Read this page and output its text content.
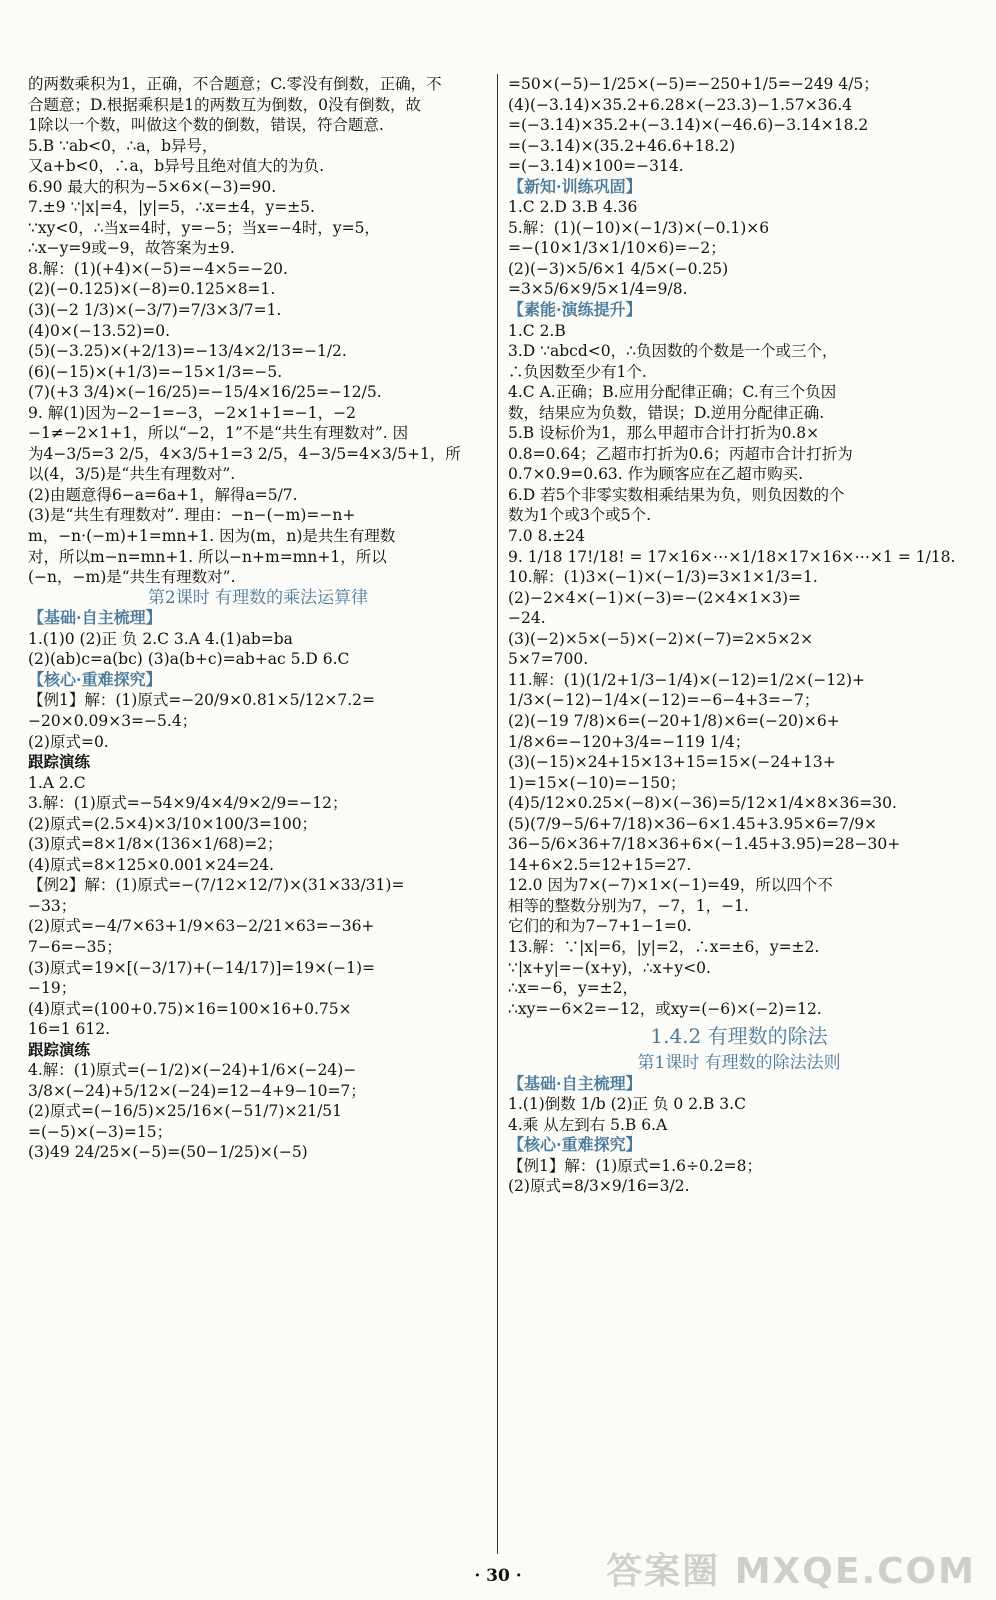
的两数乘积为1，正确，不合题意；C.零没有倒数，正确，不
合题意；D.根据乘积是1的两数互为倒数，0没有倒数，故
1除以一个数，叫做这个数的倒数，错误，符合题意.
5.B ∵ab<0，∴a，b异号，
又a+b<0，∴a，b异号且绝对值大的为负.
6.90 最大的积为−5×6×(−3)=90.
7.±9 ∵|x|=4，|y|=5，∴x=±4，y=±5.
∵xy<0，∴当x=4时，y=−5；当x=−4时，y=5，
∴x−y=9或−9，故答案为±9.
8.解：(1)(+4)×(−5)=−4×5=−20.
(2)(−0.125)×(−8)=0.125×8=1.
(3)(−2 1/3)×(−3/7)=7/3×3/7=1.
(4)0×(−13.52)=0.
(5)(−3.25)×(+2/13)=−13/4×2/13=−1/2.
(6)(−15)×(+1/3)=−15×1/3=−5.
(7)(+3 3/4)×(−16/25)=−15/4×16/25=−12/5.
9. 解(1)因为−2−1=−3，−2×1+1=−1，−2
−1≠−2×1+1，所以“−2，1”不是“共生有理数对”. 因
为4−3/5=3 2/5，4×3/5+1=3 2/5，4−3/5=4×3/5+1，所
以(4，3/5)是“共生有理数对”.
(2)由题意得6−a=6a+1，解得a=5/7.
(3)是“共生有理数对”. 理由：−n−(−m)=−n+
m，−n·(−m)+1=mn+1. 因为(m，n)是共生有理数
对，所以m−n=mn+1. 所以−n+m=mn+1，所以
(−n，−m)是“共生有理数对”.
第2课时 有理数的乘法运算律
【基础·自主梳理】
1.(1)0 (2)正 负 2.C 3.A 4.(1)ab=ba
(2)(ab)c=a(bc) (3)a(b+c)=ab+ac 5.D 6.C
【核心·重难探究】
【例1】解：(1)原式=−20/9×0.81×5/12×7.2=
−20×0.09×3=−5.4；
(2)原式=0.
跟踪演练
1.A 2.C
3.解：(1)原式=−54×9/4×4/9×2/9=−12；
(2)原式=(2.5×4)×3/10×100/3=100；
(3)原式=8×1/8×(136×1/68)=2；
(4)原式=8×125×0.001×24=24.
【例2】解：(1)原式=−(7/12×12/7)×(31×33/31)=
−33；
(2)原式=−4/7×63+1/9×63−2/21×63=−36+
7−6=−35；
(3)原式=19×[(−3/17)+(−14/17)]=19×(−1)=
−19；
(4)原式=(100+0.75)×16=100×16+0.75×
16=1 612.
跟踪演练
4.解：(1)原式=(−1/2)×(−24)+1/6×(−24)−
3/8×(−24)+5/12×(−24)=12−4+9−10=7；
(2)原式=(−16/5)×25/16×(−51/7)×21/51
=(−5)×(−3)=15；
(3)49 24/25×(−5)=(50−1/25)×(−5)
=50×(−5)−1/25×(−5)=−250+1/5=−249 4/5；
(4)(−3.14)×35.2+6.28×(−23.3)−1.57×36.4
=(−3.14)×35.2+(−3.14)×(−46.6)−3.14×18.2
=(−3.14)×(35.2+46.6+18.2)
=(−3.14)×100=−314.
【新知·训练巩固】
1.C 2.D 3.B 4.36
5.解：(1)(−10)×(−1/3)×(−0.1)×6
=−(10×1/3×1/10×6)=−2；
(2)(−3)×5/6×1 4/5×(−0.25)
=3×5/6×9/5×1/4=9/8.
【素能·演练提升】
1.C 2.B
3.D ∵abcd<0，∴负因数的个数是一个或三个，
∴负因数至少有1个.
4.C A.正确；B.应用分配律正确；C.有三个负因
数，结果应为负数，错误；D.逆用分配律正确.
5.B 设标价为1，那么甲超市合计打折为0.8×
0.8=0.64；乙超市打折为0.6；丙超市合计打折为
0.7×0.9=0.63. 作为顾客应在乙超市购买.
6.D 若5个非零实数相乘结果为负，则负因数的个
数为1个或3个或5个.
7.0 8.±24
9. 1/18 17!/18! = 17×16×⋯×1/18×17×16×⋯×1 = 1/18.
10.解：(1)3×(−1)×(−1/3)=3×1×1/3=1.
(2)−2×4×(−1)×(−3)=−(2×4×1×3)=
−24.
(3)(−2)×5×(−5)×(−2)×(−7)=2×5×2×
5×7=700.
11.解：(1)(1/2+1/3−1/4)×(−12)=1/2×(−12)+
1/3×(−12)−1/4×(−12)=−6−4+3=−7；
(2)(−19 7/8)×6=(−20+1/8)×6=(−20)×6+
1/8×6=−120+3/4=−119 1/4；
(3)(−15)×24+15×13+15=15×(−24+13+
1)=15×(−10)=−150；
(4)5/12×0.25×(−8)×(−36)=5/12×1/4×8×36=30.
(5)(7/9−5/6+7/18)×36−6×1.45+3.95×6=7/9×
36−5/6×36+7/18×36+6×(−1.45+3.95)=28−30+
14+6×2.5=12+15=27.
12.0 因为7×(−7)×1×(−1)=49，所以四个不
相等的整数分别为7，−7，1，−1.
它们的和为7−7+1−1=0.
13.解：∵|x|=6，|y|=2，∴x=±6，y=±2.
∵|x+y|=−(x+y)，∴x+y<0.
∴x=−6，y=±2，
∴xy=−6×2=−12，或xy=(−6)×(−2)=12.
1.4.2 有理数的除法
第1课时 有理数的除法法则
【基础·自主梳理】
1.(1)倒数 1/b (2)正 负 0 2.B 3.C
4.乘 从左到右 5.B 6.A
【核心·重难探究】
【例1】解：(1)原式=1.6÷0.2=8；
(2)原式=8/3×9/16=3/2.
· 30 ·	答案圈 MXQE.COM
